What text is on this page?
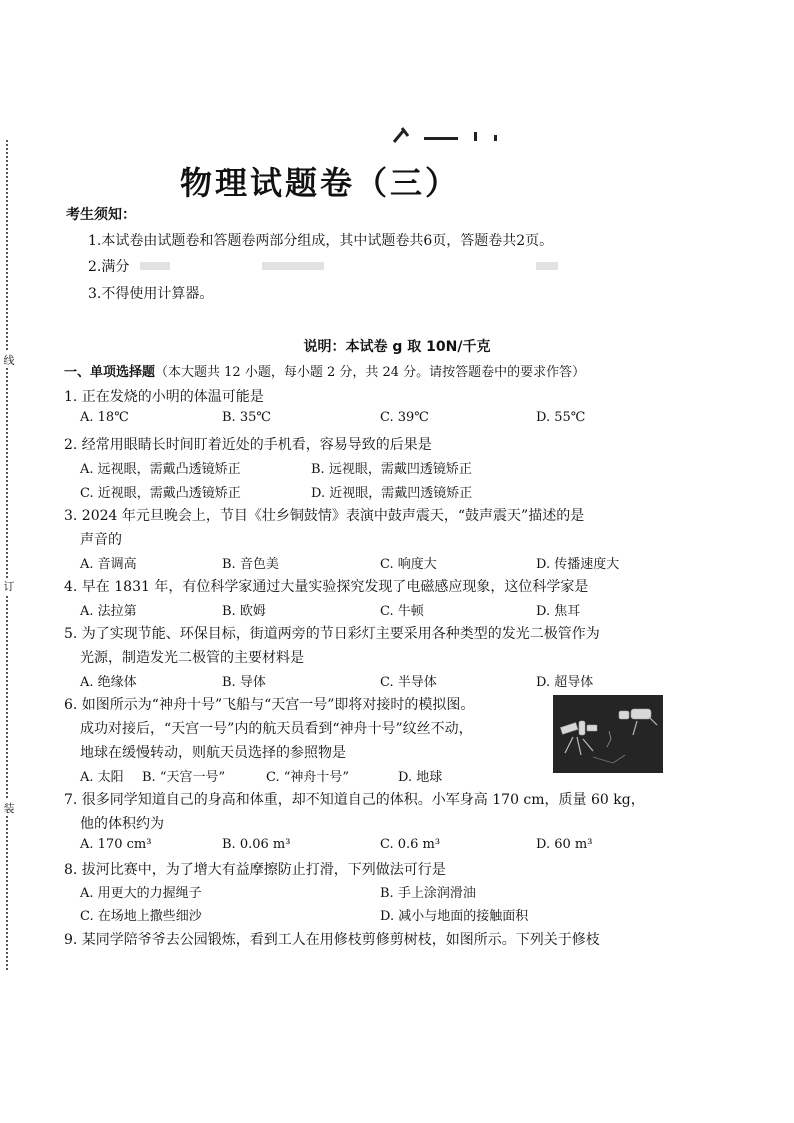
线
订
装
物理试题卷（三）
考生须知：
1.本试卷由试题卷和答题卷两部分组成，其中试题卷共6页，答题卷共2页。
2.满分
3.不得使用计算器。
说明：本试卷 g 取 10N/千克
一、单项选择题（本大题共 12 小题，每小题 2 分，共 24 分。请按答题卷中的要求作答）
1. 正在发烧的小明的体温可能是
A. 18℃	B. 35℃	C. 39℃	D. 55℃
2. 经常用眼睛长时间盯着近处的手机看，容易导致的后果是
A. 远视眼，需戴凸透镜矫正	B. 远视眼，需戴凹透镜矫正
C. 近视眼，需戴凸透镜矫正	D. 近视眼，需戴凹透镜矫正
3. 2024 年元旦晚会上，节目《壮乡铜鼓情》表演中鼓声震天，“鼓声震天”描述的是
声音的
A. 音调高	B. 音色美	C. 响度大	D. 传播速度大
4. 早在 1831 年，有位科学家通过大量实验探究发现了电磁感应现象，这位科学家是
A. 法拉第	B. 欧姆	C. 牛顿	D. 焦耳
5. 为了实现节能、环保目标，街道两旁的节日彩灯主要采用各种类型的发光二极管作为
光源，制造发光二极管的主要材料是
A. 绝缘体	B. 导体	C. 半导体	D. 超导体
6. 如图所示为“神舟十号”飞船与“天宫一号”即将对接时的模拟图。
成功对接后，“天宫一号”内的航天员看到“神舟十号”纹丝不动，
地球在缓慢转动，则航天员选择的参照物是
A. 太阳 B. “天宫一号”	C. “神舟十号”	D. 地球
7. 很多同学知道自己的身高和体重，却不知道自己的体积。小军身高 170 cm，质量 60 kg，
他的体积约为
A. 170 cm³	B. 0.06 m³	C. 0.6 m³	D. 60 m³
8. 拔河比赛中，为了增大有益摩擦防止打滑，下列做法可行是
A. 用更大的力握绳子	B. 手上涂润滑油
C. 在场地上撒些细沙	D. 减小与地面的接触面积
9. 某同学陪爷爷去公园锻炼，看到工人在用修枝剪修剪树枝，如图所示。下列关于修枝
